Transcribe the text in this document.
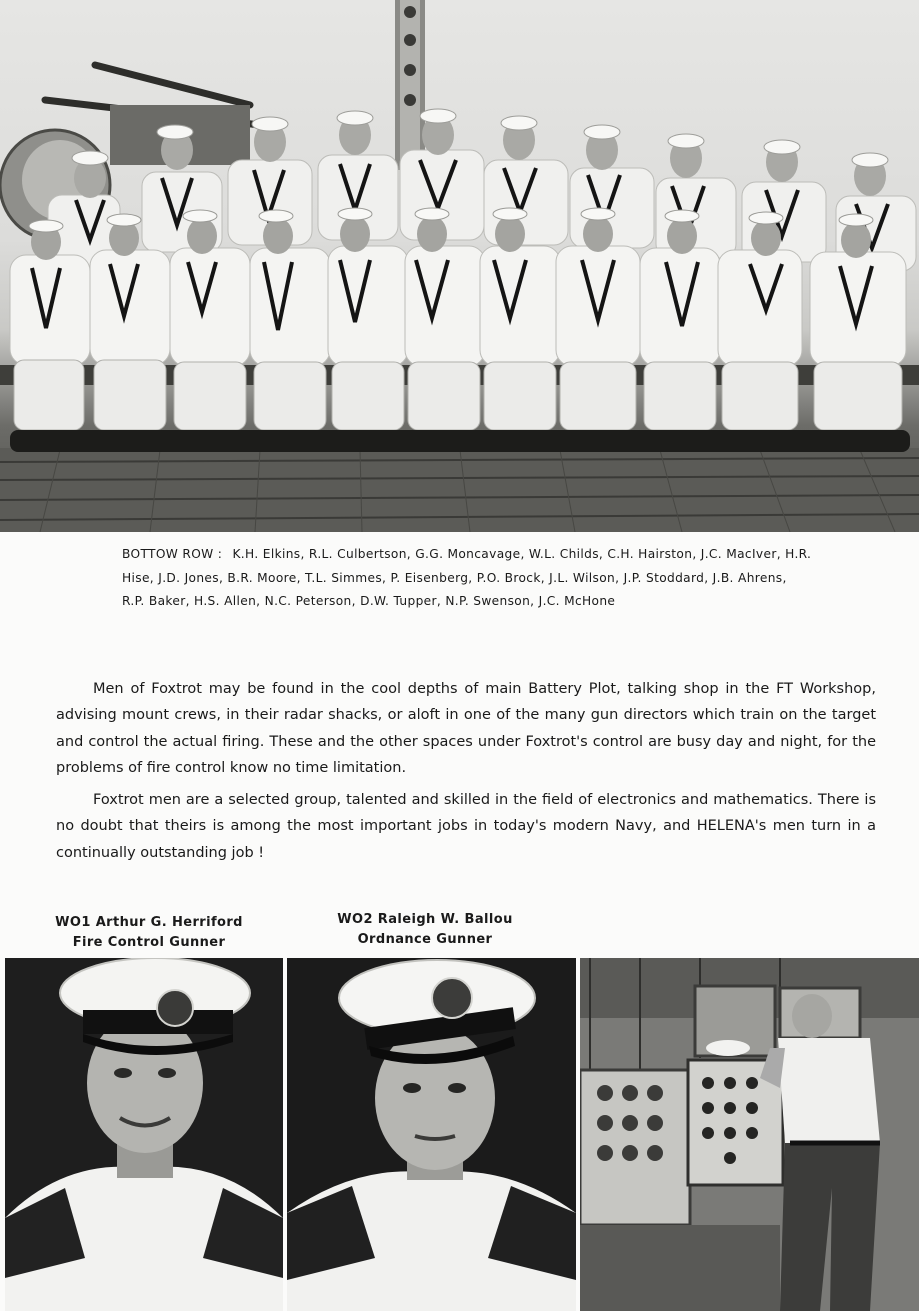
BOTTOW ROW : K.H. Elkins, R.L. Culbertson, G.G. Moncavage, W.L. Childs, C.H. Hairston, J.C. MacIver, H.R. Hise, J.D. Jones, B.R. Moore, T.L. Simmes, P. Eisenberg, P.O. Brock, J.L. Wilson, J.P. Stoddard, J.B. Ahrens, R.P. Baker, H.S. Allen, N.C. Peterson, D.W. Tupper, N.P. Swenson, J.C. McHone

Men of Foxtrot may be found in the cool depths of main Battery Plot, talking shop in the FT Workshop, advising mount crews, in their radar shacks, or aloft in one of the many gun directors which train on the target and control the actual firing. These and the other spaces under Foxtrot's control are busy day and night, for the problems of fire control know no time limitation.

Foxtrot men are a selected group, talented and skilled in the field of electronics and mathematics. There is no doubt that theirs is among the most important jobs in today's modern Navy, and HELENA's men turn in a continually outstanding job !

WO1 Arthur G. Herriford
Fire Control Gunner
WO2 Raleigh W. Ballou
Ordnance Gunner
